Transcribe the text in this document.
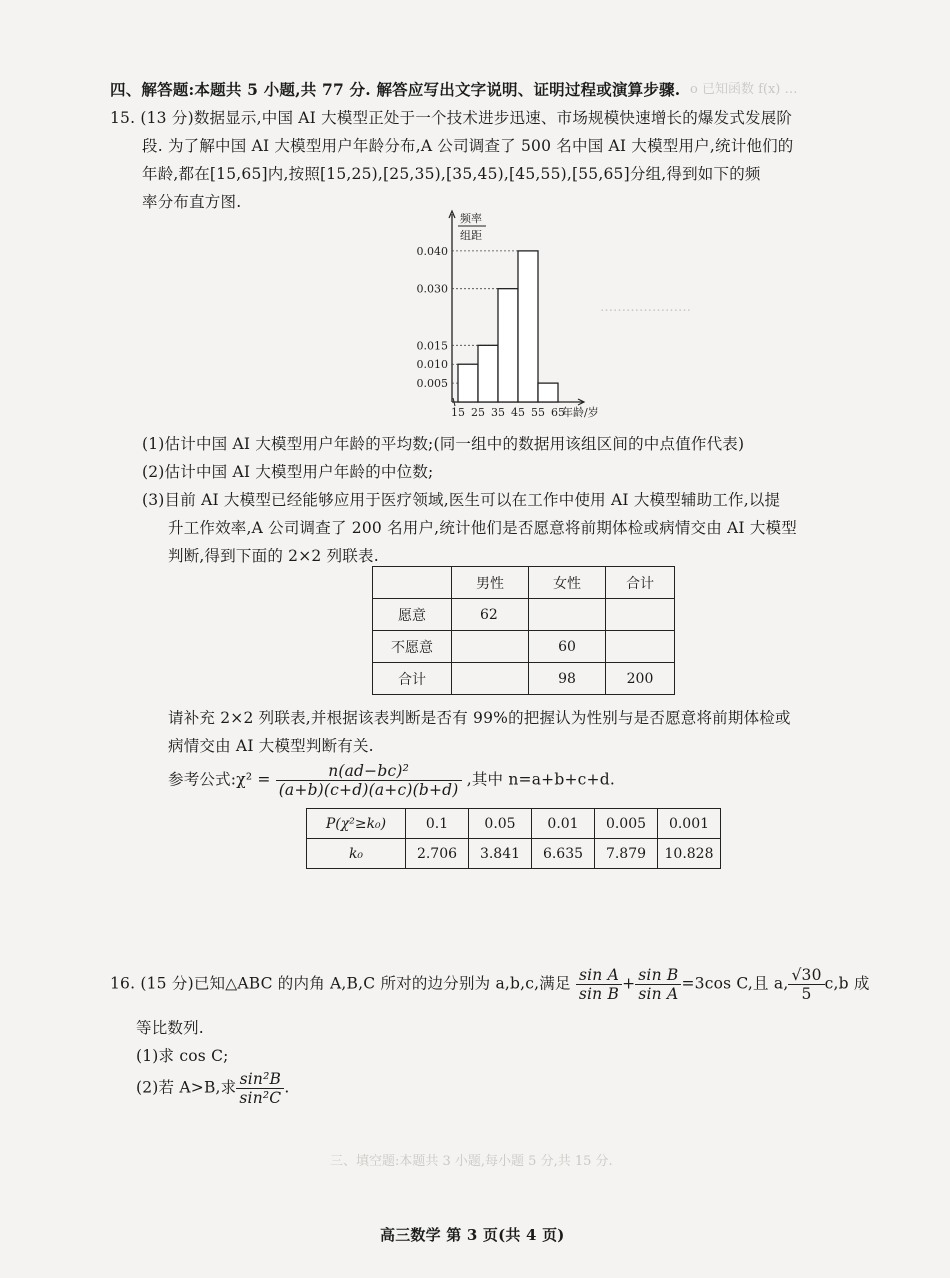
o 已知函数 f(x) …
…………………
四、解答题:本题共 5 小题,共 77 分. 解答应写出文字说明、证明过程或演算步骤.
15. (13 分)数据显示,中国 AI 大模型正处于一个技术进步迅速、市场规模快速增长的爆发式发展阶
段. 为了解中国 AI 大模型用户年龄分布,A 公司调查了 500 名中国 AI 大模型用户,统计他们的
年龄,都在[15,65]内,按照[15,25),[25,35),[35,45),[45,55),[55,65]分组,得到如下的频
率分布直方图.
频率
组距
0.005
0.010
0.015
0.030
0.040
15 25 35 45 55 65
年龄/岁
(1)估计中国 AI 大模型用户年龄的平均数;(同一组中的数据用该组区间的中点值作代表)
(2)估计中国 AI 大模型用户年龄的中位数;
(3)目前 AI 大模型已经能够应用于医疗领域,医生可以在工作中使用 AI 大模型辅助工作,以提
升工作效率,A 公司调查了 200 名用户,统计他们是否愿意将前期体检或病情交由 AI 大模型
判断,得到下面的 2×2 列联表.
	男性	女性	合计
愿意	62		
不愿意		60	
合计		98	200
请补充 2×2 列联表,并根据该表判断是否有 99%的把握认为性别与是否愿意将前期体检或
病情交由 AI 大模型判断有关.
参考公式:χ² = $\frac{\text{n(ad−bc)²}}{(a+b)(c+d)(a+c)(b+d)}$ ,其中 n=a+b+c+d.
P(χ²≥k₀)	0.1	0.05	0.01	0.005	0.001
k₀	2.706	3.841	6.635	7.879	10.828
16. (15 分)已知△ABC 的内角 A,B,C 所对的边分别为 a,b,c,满足 $\frac{\text{sin A}}{\text{sin B}} + \frac{\text{sin B}}{\text{sin A}} =3\cos$ C,且 a, $\frac{√30}{5} c,b$ 成
等比数列.
(1)求 cos C;
(2)若 A>B,求 $\frac{\text{sin²B}}{\text{sin²C}}$ .
三、填空题:本题共 3 小题,每小题 5 分,共 15 分.
高三数学 第 3 页(共 4 页)
